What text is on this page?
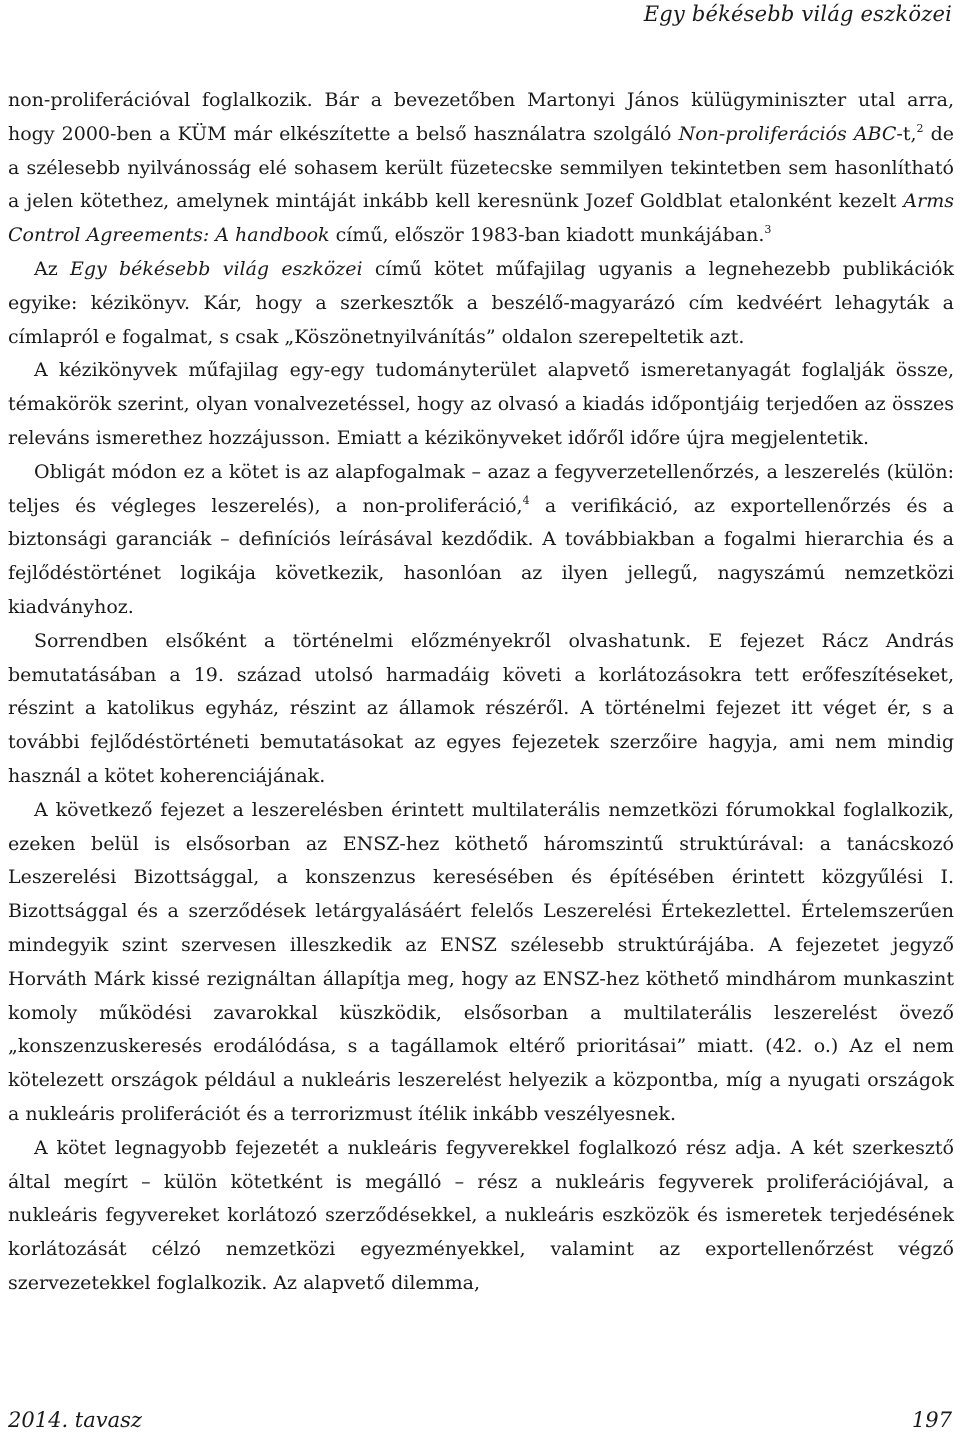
Egy békésebb világ eszközei

non-proliferációval foglalkozik. Bár a bevezetőben Martonyi János külügyminiszter utal arra, hogy 2000-ben a KÜM már elkészítette a belső használatra szolgáló Non-proliferációs ABC-t,$^2$ de a szélesebb nyilvánosság elé sohasem került füzetecske semmilyen tekintetben sem hasonlítható a jelen kötethez, amelynek mintáját inkább kell keresnünk Jozef Goldblat etalonként kezelt Arms Control Agreements: A handbook című, először 1983-ban kiadott munkájában.$^3$

Az Egy békésebb világ eszközei című kötet műfajilag ugyanis a legnehezebb publikációk egyike: kézikönyv. Kár, hogy a szerkesztők a beszélő-magyarázó cím kedvéért lehagyták a címlapról e fogalmat, s csak „Köszönetnyilvánítás” oldalon szerepeltetik azt.

A kézikönyvek műfajilag egy-egy tudományterület alapvető ismeretanyagát foglalják össze, témakörök szerint, olyan vonalvezetéssel, hogy az olvasó a kiadás időpontjáig terjedően az összes releváns ismerethez hozzájusson. Emiatt a kézikönyveket időről időre újra megjelentetik.

Obligát módon ez a kötet is az alapfogalmak – azaz a fegyverzetellenőrzés, a leszerelés (külön: teljes és végleges leszerelés), a non-proliferáció,$^4$ a verifikáció, az exportellenőrzés és a biztonsági garanciák – definíciós leírásával kezdődik. A továbbiakban a fogalmi hierarchia és a fejlődéstörténet logikája következik, hasonlóan az ilyen jellegű, nagyszámú nemzetközi kiadványhoz.

Sorrendben elsőként a történelmi előzményekről olvashatunk. E fejezet Rácz András bemutatásában a 19. század utolsó harmadáig követi a korlátozásokra tett erőfeszítéseket, részint a katolikus egyház, részint az államok részéről. A történelmi fejezet itt véget ér, s a további fejlődéstörténeti bemutatásokat az egyes fejezetek szerzőire hagyja, ami nem mindig használ a kötet koherenciájának.

A következő fejezet a leszerelésben érintett multilaterális nemzetközi fórumokkal foglalkozik, ezeken belül is elsősorban az ENSZ-hez köthető háromszintű struktúrával: a tanácskozó Leszerelési Bizottsággal, a konszenzus keresésében és építésében érintett közgyűlési I. Bizottsággal és a szerződések letárgyalásáért felelős Leszerelési Értekezlettel. Értelemszerűen mindegyik szint szervesen illeszkedik az ENSZ szélesebb struktúrájába. A fejezetet jegyző Horváth Márk kissé rezignáltan állapítja meg, hogy az ENSZ-hez köthető mindhárom munkaszint komoly működési zavarokkal küszködik, elsősorban a multilaterális leszerelést övező „konszenzuskeresés erodálódása, s a tagállamok eltérő prioritásai” miatt. (42. o.) Az el nem kötelezett országok például a nukleáris leszerelést helyezik a központba, míg a nyugati országok a nukleáris proliferációt és a terrorizmust ítélik inkább veszélyesnek.

A kötet legnagyobb fejezetét a nukleáris fegyverekkel foglalkozó rész adja. A két szerkesztő által megírt – külön kötetként is megálló – rész a nukleáris fegyverek proliferációjával, a nukleáris fegyvereket korlátozó szerződésekkel, a nukleáris eszközök és ismeretek terjedésének korlátozását célzó nemzetközi egyezményekkel, valamint az exportellenőrzést végző szervezetekkel foglalkozik. Az alapvető dilemma,

2014. tavasz	197
